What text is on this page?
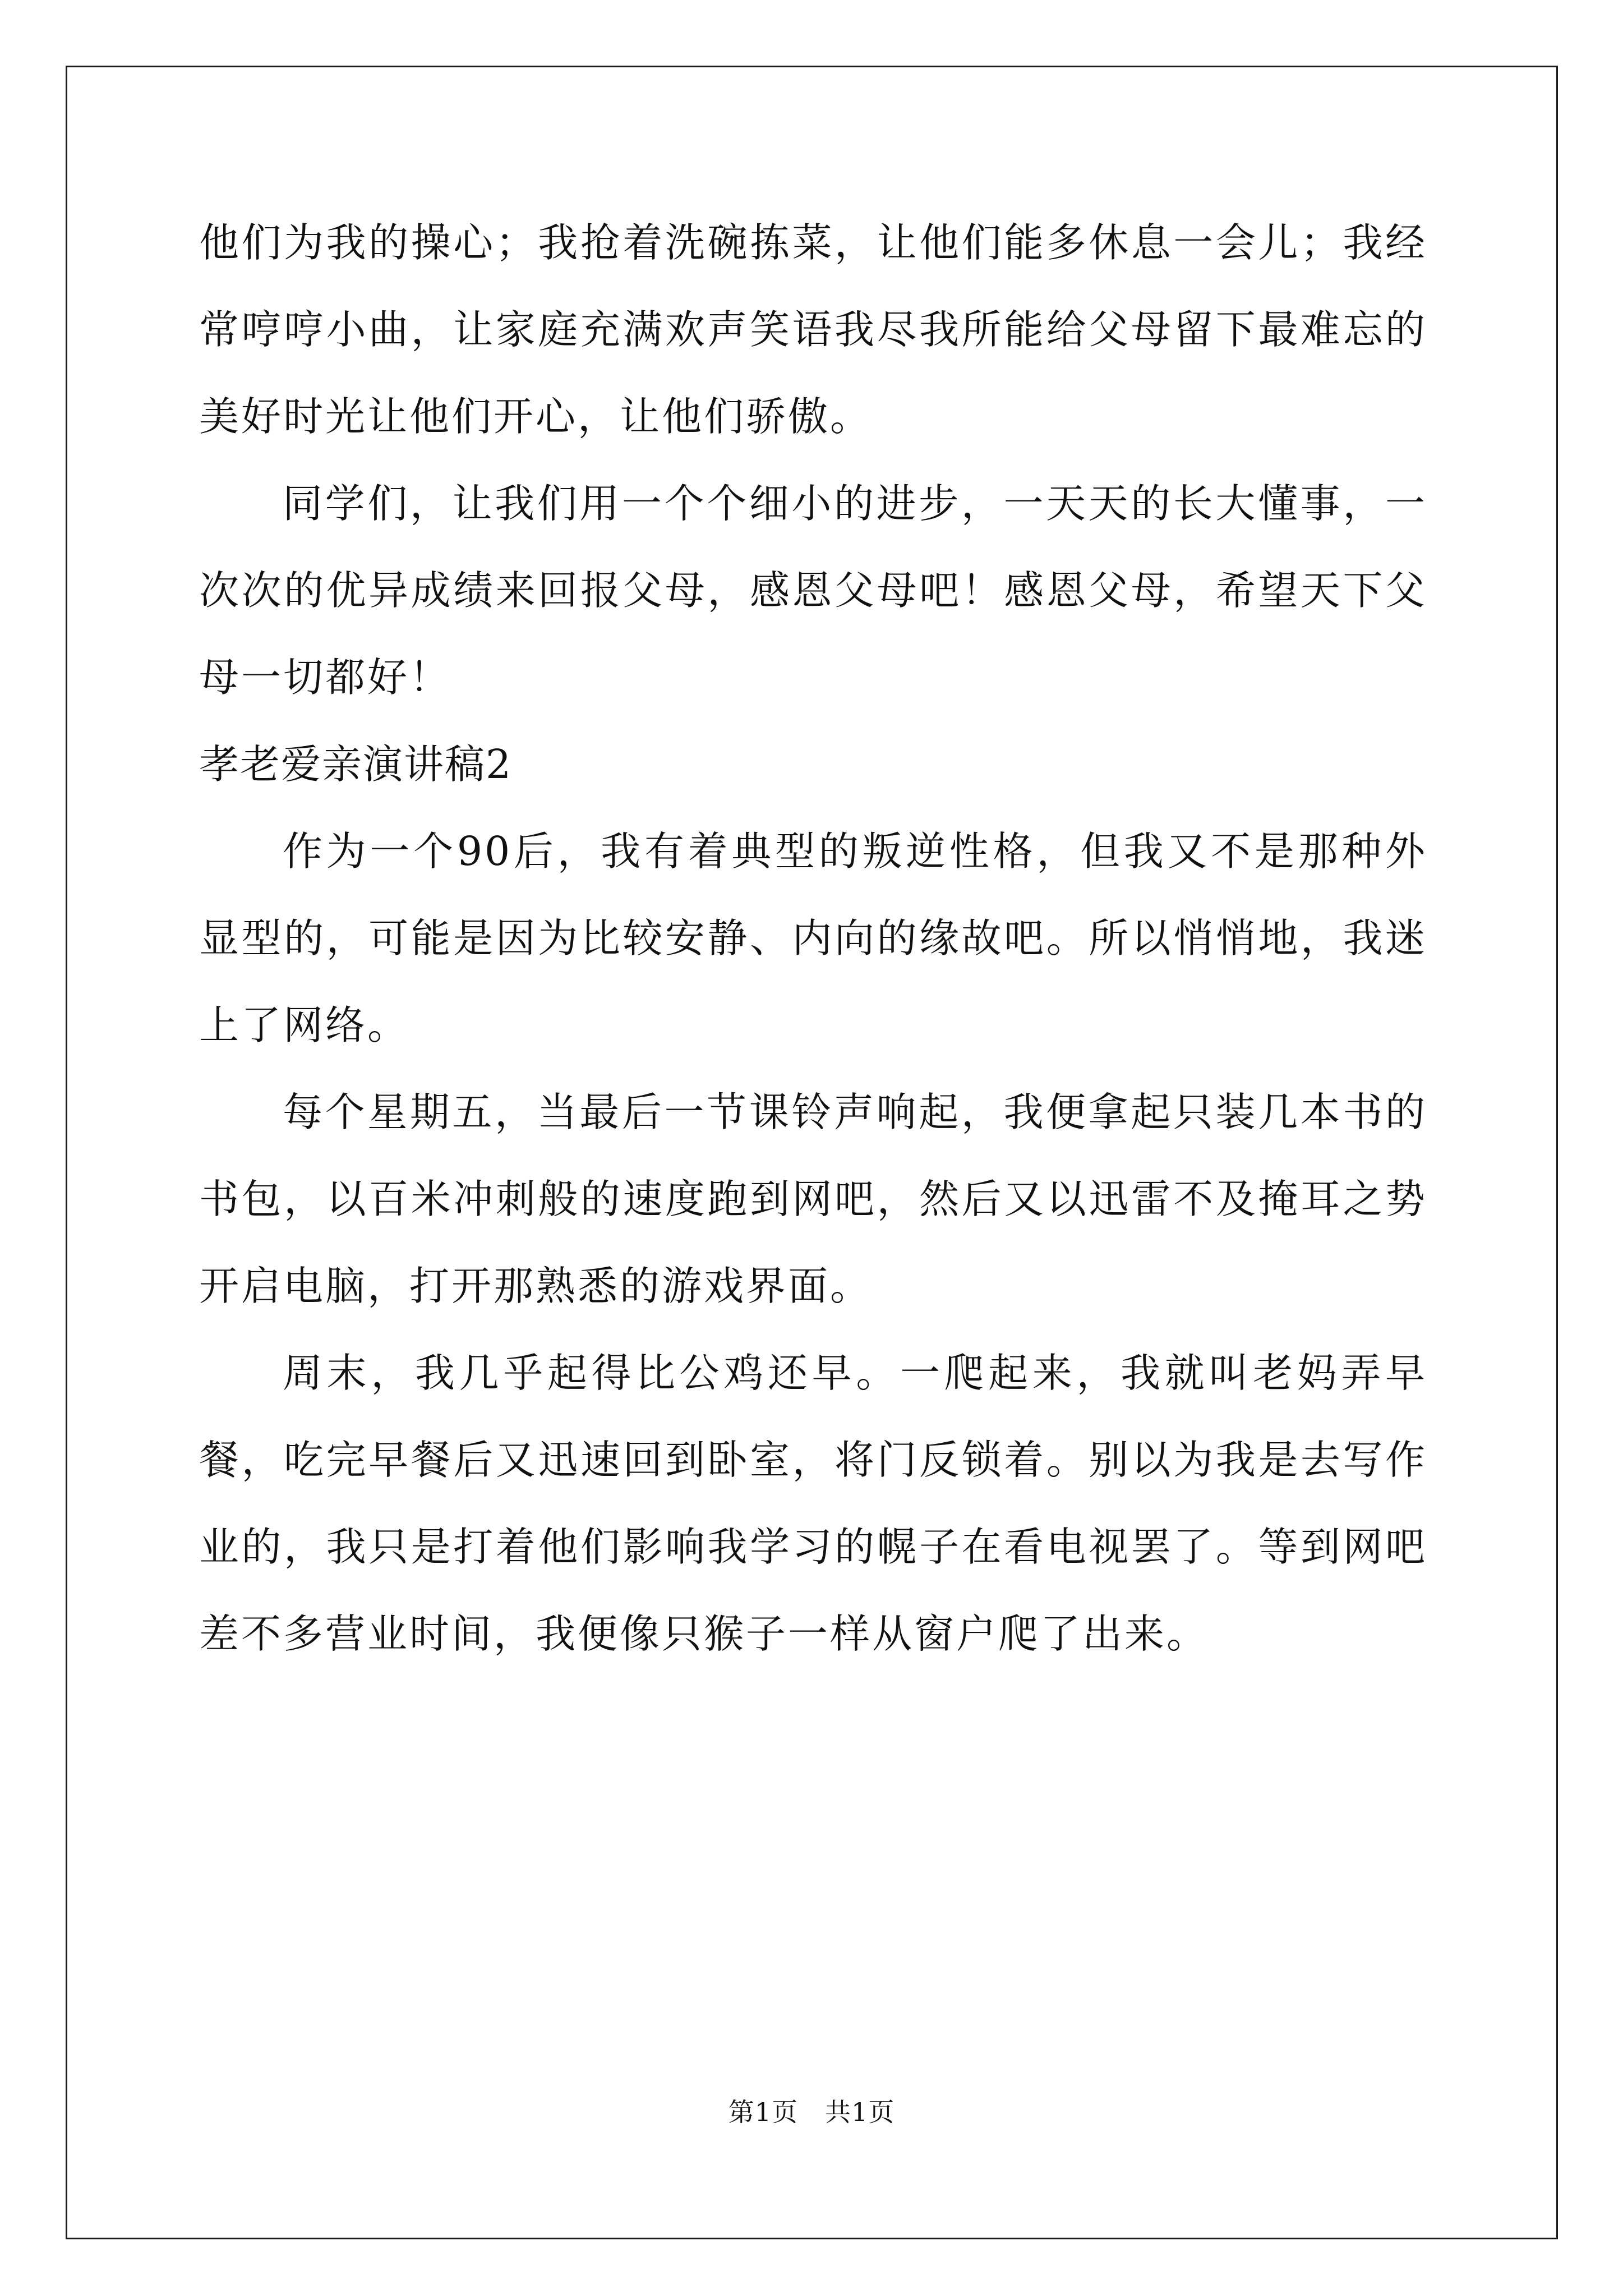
他们为我的操心；我抢着洗碗拣菜，让他们能多休息一会儿；我经常哼哼小曲，让家庭充满欢声笑语我尽我所能给父母留下最难忘的美好时光让他们开心，让他们骄傲。

同学们，让我们用一个个细小的进步，一天天的长大懂事，一次次的优异成绩来回报父母，感恩父母吧！感恩父母，希望天下父母一切都好！

孝老爱亲演讲稿2

作为一个90后，我有着典型的叛逆性格，但我又不是那种外显型的，可能是因为比较安静、内向的缘故吧。所以悄悄地，我迷上了网络。

每个星期五，当最后一节课铃声响起，我便拿起只装几本书的书包，以百米冲刺般的速度跑到网吧，然后又以迅雷不及掩耳之势开启电脑，打开那熟悉的游戏界面。

周末，我几乎起得比公鸡还早。一爬起来，我就叫老妈弄早餐，吃完早餐后又迅速回到卧室，将门反锁着。别以为我是去写作业的，我只是打着他们影响我学习的幌子在看电视罢了。等到网吧差不多营业时间，我便像只猴子一样从窗户爬了出来。

第1页 共1页
